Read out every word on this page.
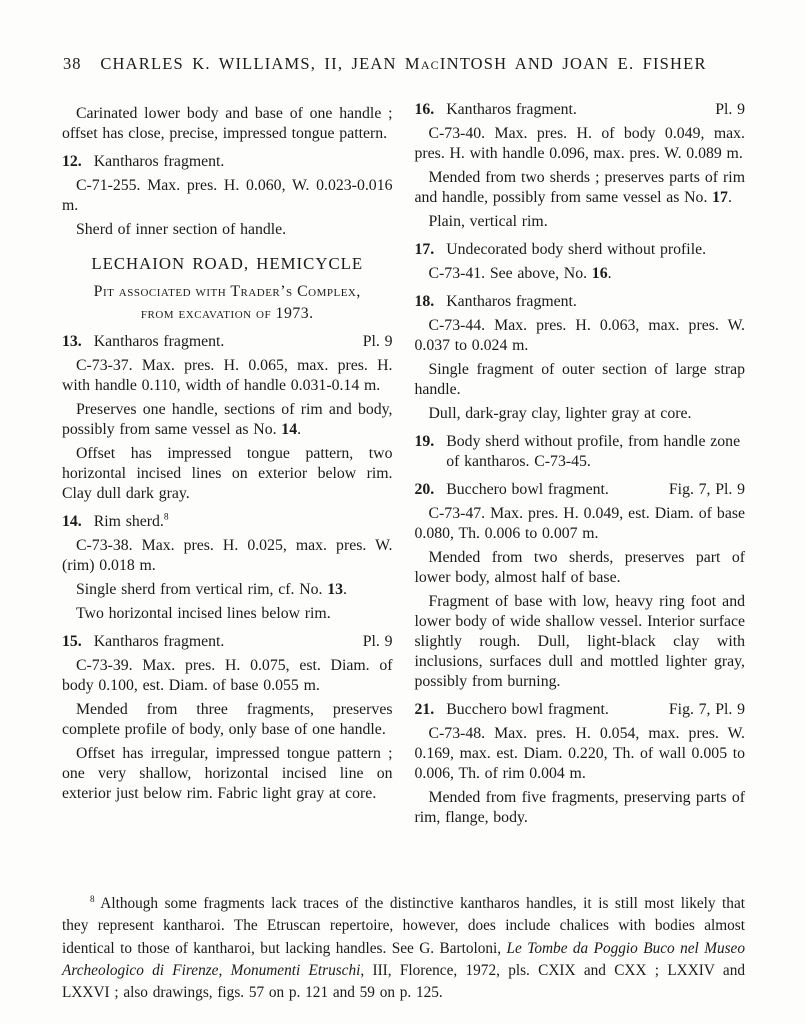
38	CHARLES K. WILLIAMS, II, JEAN MacINTOSH AND JOAN E. FISHER

Carinated lower body and base of one handle ; offset has close, precise, impressed tongue pattern.

12. Kantharos fragment.

C-71-255. Max. pres. H. 0.060, W. 0.023-0.016 m.

Sherd of inner section of handle.

LECHAION ROAD, HEMICYCLE
Pit associated with Trader’s Complex,
from excavation of 1973.
13. Kantharos fragment.	Pl. 9

C-73-37. Max. pres. H. 0.065, max. pres. H. with handle 0.110, width of handle 0.031-0.14 m.

Preserves one handle, sections of rim and body, possibly from same vessel as No. 14.

Offset has impressed tongue pattern, two horizontal incised lines on exterior below rim. Clay dull dark gray.

14. Rim sherd.$^8$

C-73-38. Max. pres. H. 0.025, max. pres. W. (rim) 0.018 m.

Single sherd from vertical rim, cf. No. 13.

Two horizontal incised lines below rim.

15. Kantharos fragment.	Pl. 9

C-73-39. Max. pres. H. 0.075, est. Diam. of body 0.100, est. Diam. of base 0.055 m.

Mended from three fragments, preserves complete profile of body, only base of one handle.

Offset has irregular, impressed tongue pattern ; one very shallow, horizontal incised line on exterior just below rim. Fabric light gray at core.

16. Kantharos fragment.	Pl. 9

C-73-40. Max. pres. H. of body 0.049, max. pres. H. with handle 0.096, max. pres. W. 0.089 m.

Mended from two sherds ; preserves parts of rim and handle, possibly from same vessel as No. 17.

Plain, vertical rim.

17. Undecorated body sherd without profile.

C-73-41. See above, No. 16.

18. Kantharos fragment.

C-73-44. Max. pres. H. 0.063, max. pres. W. 0.037 to 0.024 m.

Single fragment of outer section of large strap handle.

Dull, dark-gray clay, lighter gray at core.

19. Body sherd without profile, from handle zone of kantharos. C-73-45.
20. Bucchero bowl fragment.	Fig. 7, Pl. 9

C-73-47. Max. pres. H. 0.049, est. Diam. of base 0.080, Th. 0.006 to 0.007 m.

Mended from two sherds, preserves part of lower body, almost half of base.

Fragment of base with low, heavy ring foot and lower body of wide shallow vessel. Interior surface slightly rough. Dull, light-black clay with inclusions, surfaces dull and mottled lighter gray, possibly from burning.

21. Bucchero bowl fragment.	Fig. 7, Pl. 9

C-73-48. Max. pres. H. 0.054, max. pres. W. 0.169, max. est. Diam. 0.220, Th. of wall 0.005 to 0.006, Th. of rim 0.004 m.

Mended from five fragments, preserving parts of rim, flange, body.

$^8$ Although some fragments lack traces of the distinctive kantharos handles, it is still most likely that they represent kantharoi. The Etruscan repertoire, however, does include chalices with bodies almost identical to those of kantharoi, but lacking handles. See G. Bartoloni, Le Tombe da Poggio Buco nel Museo Archeologico di Firenze, Monumenti Etruschi, III, Florence, 1972, pls. CXIX and CXX ; LXXIV and LXXVI ; also drawings, figs. 57 on p. 121 and 59 on p. 125.
